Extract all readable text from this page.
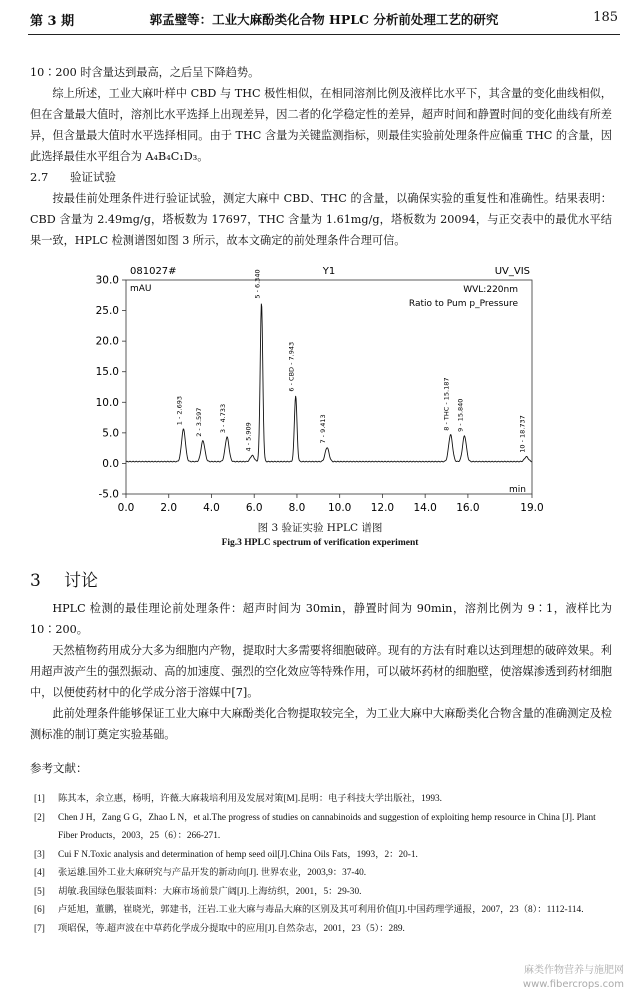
第 3 期	郭孟璧等：工业大麻酚类化合物 HPLC 分析前处理工艺的研究	185

10∶200 时含量达到最高，之后呈下降趋势。

综上所述，工业大麻叶样中 CBD 与 THC 极性相似，在相同溶剂比例及液样比水平下，其含量的变化曲线相似，但在含量最大值时，溶剂比水平选择上出现差异，因二者的化学稳定性的差异，超声时间和静置时间的变化曲线有所差异，但含量最大值时水平选择相同。由于 THC 含量为关键监测指标，则最佳实验前处理条件应偏重 THC 的含量，因此选择最佳水平组合为 A₄B₄C₁D₃。

2.7 验证试验

按最佳前处理条件进行验证试验，测定大麻中 CBD、THC 的含量，以确保实验的重复性和准确性。结果表明：CBD 含量为 2.49mg/g，塔板数为 17697，THC 含量为 1.61mg/g，塔板数为 20094，与正交表中的最优水平结果一致，HPLC 检测谱图如图 3 所示，故本文确定的前处理条件合理可信。

081027#	Y1	UV_VIS
mAU	WVL:220nm
Ratio to Pum p_Pressure
min
30.0
25.0
20.0
15.0
10.0
5.0
0.0
-5.0
0.0 2.0 4.0 6.0 8.0 10.0 12.0 14.0 16.0	19.0
1 - 2.693 2 - 3.597 3 - 4.733
4 - 5.909
5 - 6.340
6 - CBD - 7.943
7 - 9.413	8 - THC - 15.187 9 - 15.840	10 - 18.737
图 3 验证实验 HPLC 谱图
Fig.3 HPLC spectrum of verification experiment
3 讨论

HPLC 检测的最佳理论前处理条件：超声时间为 30min，静置时间为 90min，溶剂比例为 9∶1，液样比为 10∶200。

天然植物药用成分大多为细胞内产物，提取时大多需要将细胞破碎。现有的方法有时难以达到理想的破碎效果。利用超声波产生的强烈振动、高的加速度、强烈的空化效应等特殊作用，可以破坏药材的细胞壁，使溶媒渗透到药材细胞中，以便使药材中的化学成分溶于溶媒中[7]。

此前处理条件能够保证工业大麻中大麻酚类化合物提取较完全，为工业大麻中大麻酚类化合物含量的准确测定及检测标准的制订奠定实验基础。

参考文献：
[1] 陈其本，余立惠，杨明，许薇.大麻栽培利用及发展对策[M].昆明：电子科技大学出版社，1993.
[2] Chen J H，Zang G G，Zhao L N，et al.The progress of studies on cannabinoids and suggestion of exploiting hemp resource in China [J]. Plant Fiber Products，2003，25（6）：266-271.
[3] Cui F N.Toxic analysis and determination of hemp seed oil[J].China Oils Fats，1993，2：20-1.
[4] 张运雄.国外工业大麻研究与产品开发的新动向[J]. 世界农业，2003,9：37-40.
[5] 胡敏.我国绿色服装面料：大麻市场前景广阔[J].上海纺织，2001，5：29-30.
[6] 卢延旭，董鹏，崔晓光，郭建书，汪岩.工业大麻与毒品大麻的区别及其可利用价值[J].中国药理学通报，2007，23（8）：1112-114.
[7] 项昭保，等.超声波在中草药化学成分提取中的应用[J].自然杂志，2001，23（5）：289.
麻类作物营养与施肥网
www.fibercrops.com
